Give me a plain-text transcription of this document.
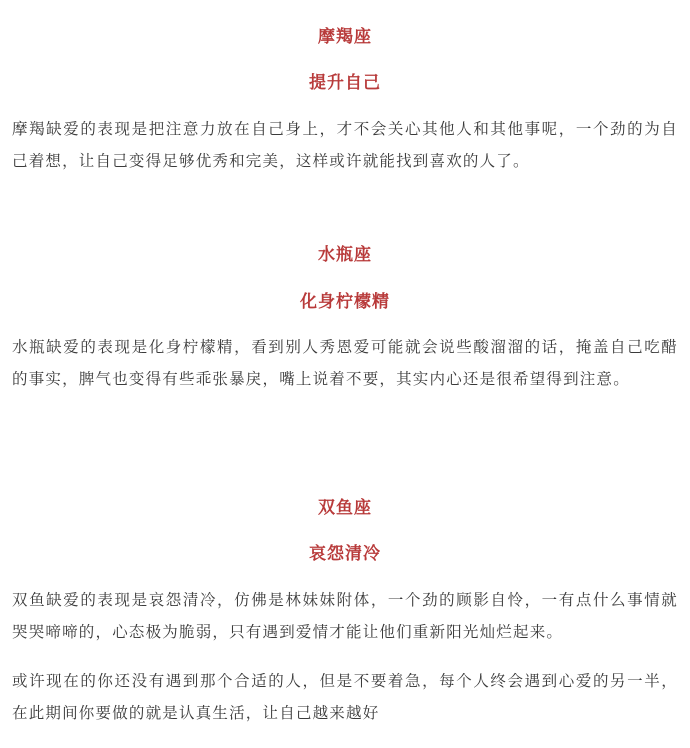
摩羯座
提升自己

摩羯缺爱的表现是把注意力放在自己身上，才不会关心其他人和其他事呢，一个劲的为自己着想，让自己变得足够优秀和完美，这样或许就能找到喜欢的人了。

水瓶座
化身柠檬精

水瓶缺爱的表现是化身柠檬精，看到别人秀恩爱可能就会说些酸溜溜的话，掩盖自己吃醋的事实，脾气也变得有些乖张暴戾，嘴上说着不要，其实内心还是很希望得到注意。

双鱼座
哀怨清冷

双鱼缺爱的表现是哀怨清冷，仿佛是林妹妹附体，一个劲的顾影自怜，一有点什么事情就哭哭啼啼的，心态极为脆弱，只有遇到爱情才能让他们重新阳光灿烂起来。

或许现在的你还没有遇到那个合适的人，但是不要着急，每个人终会遇到心爱的另一半，在此期间你要做的就是认真生活，让自己越来越好
